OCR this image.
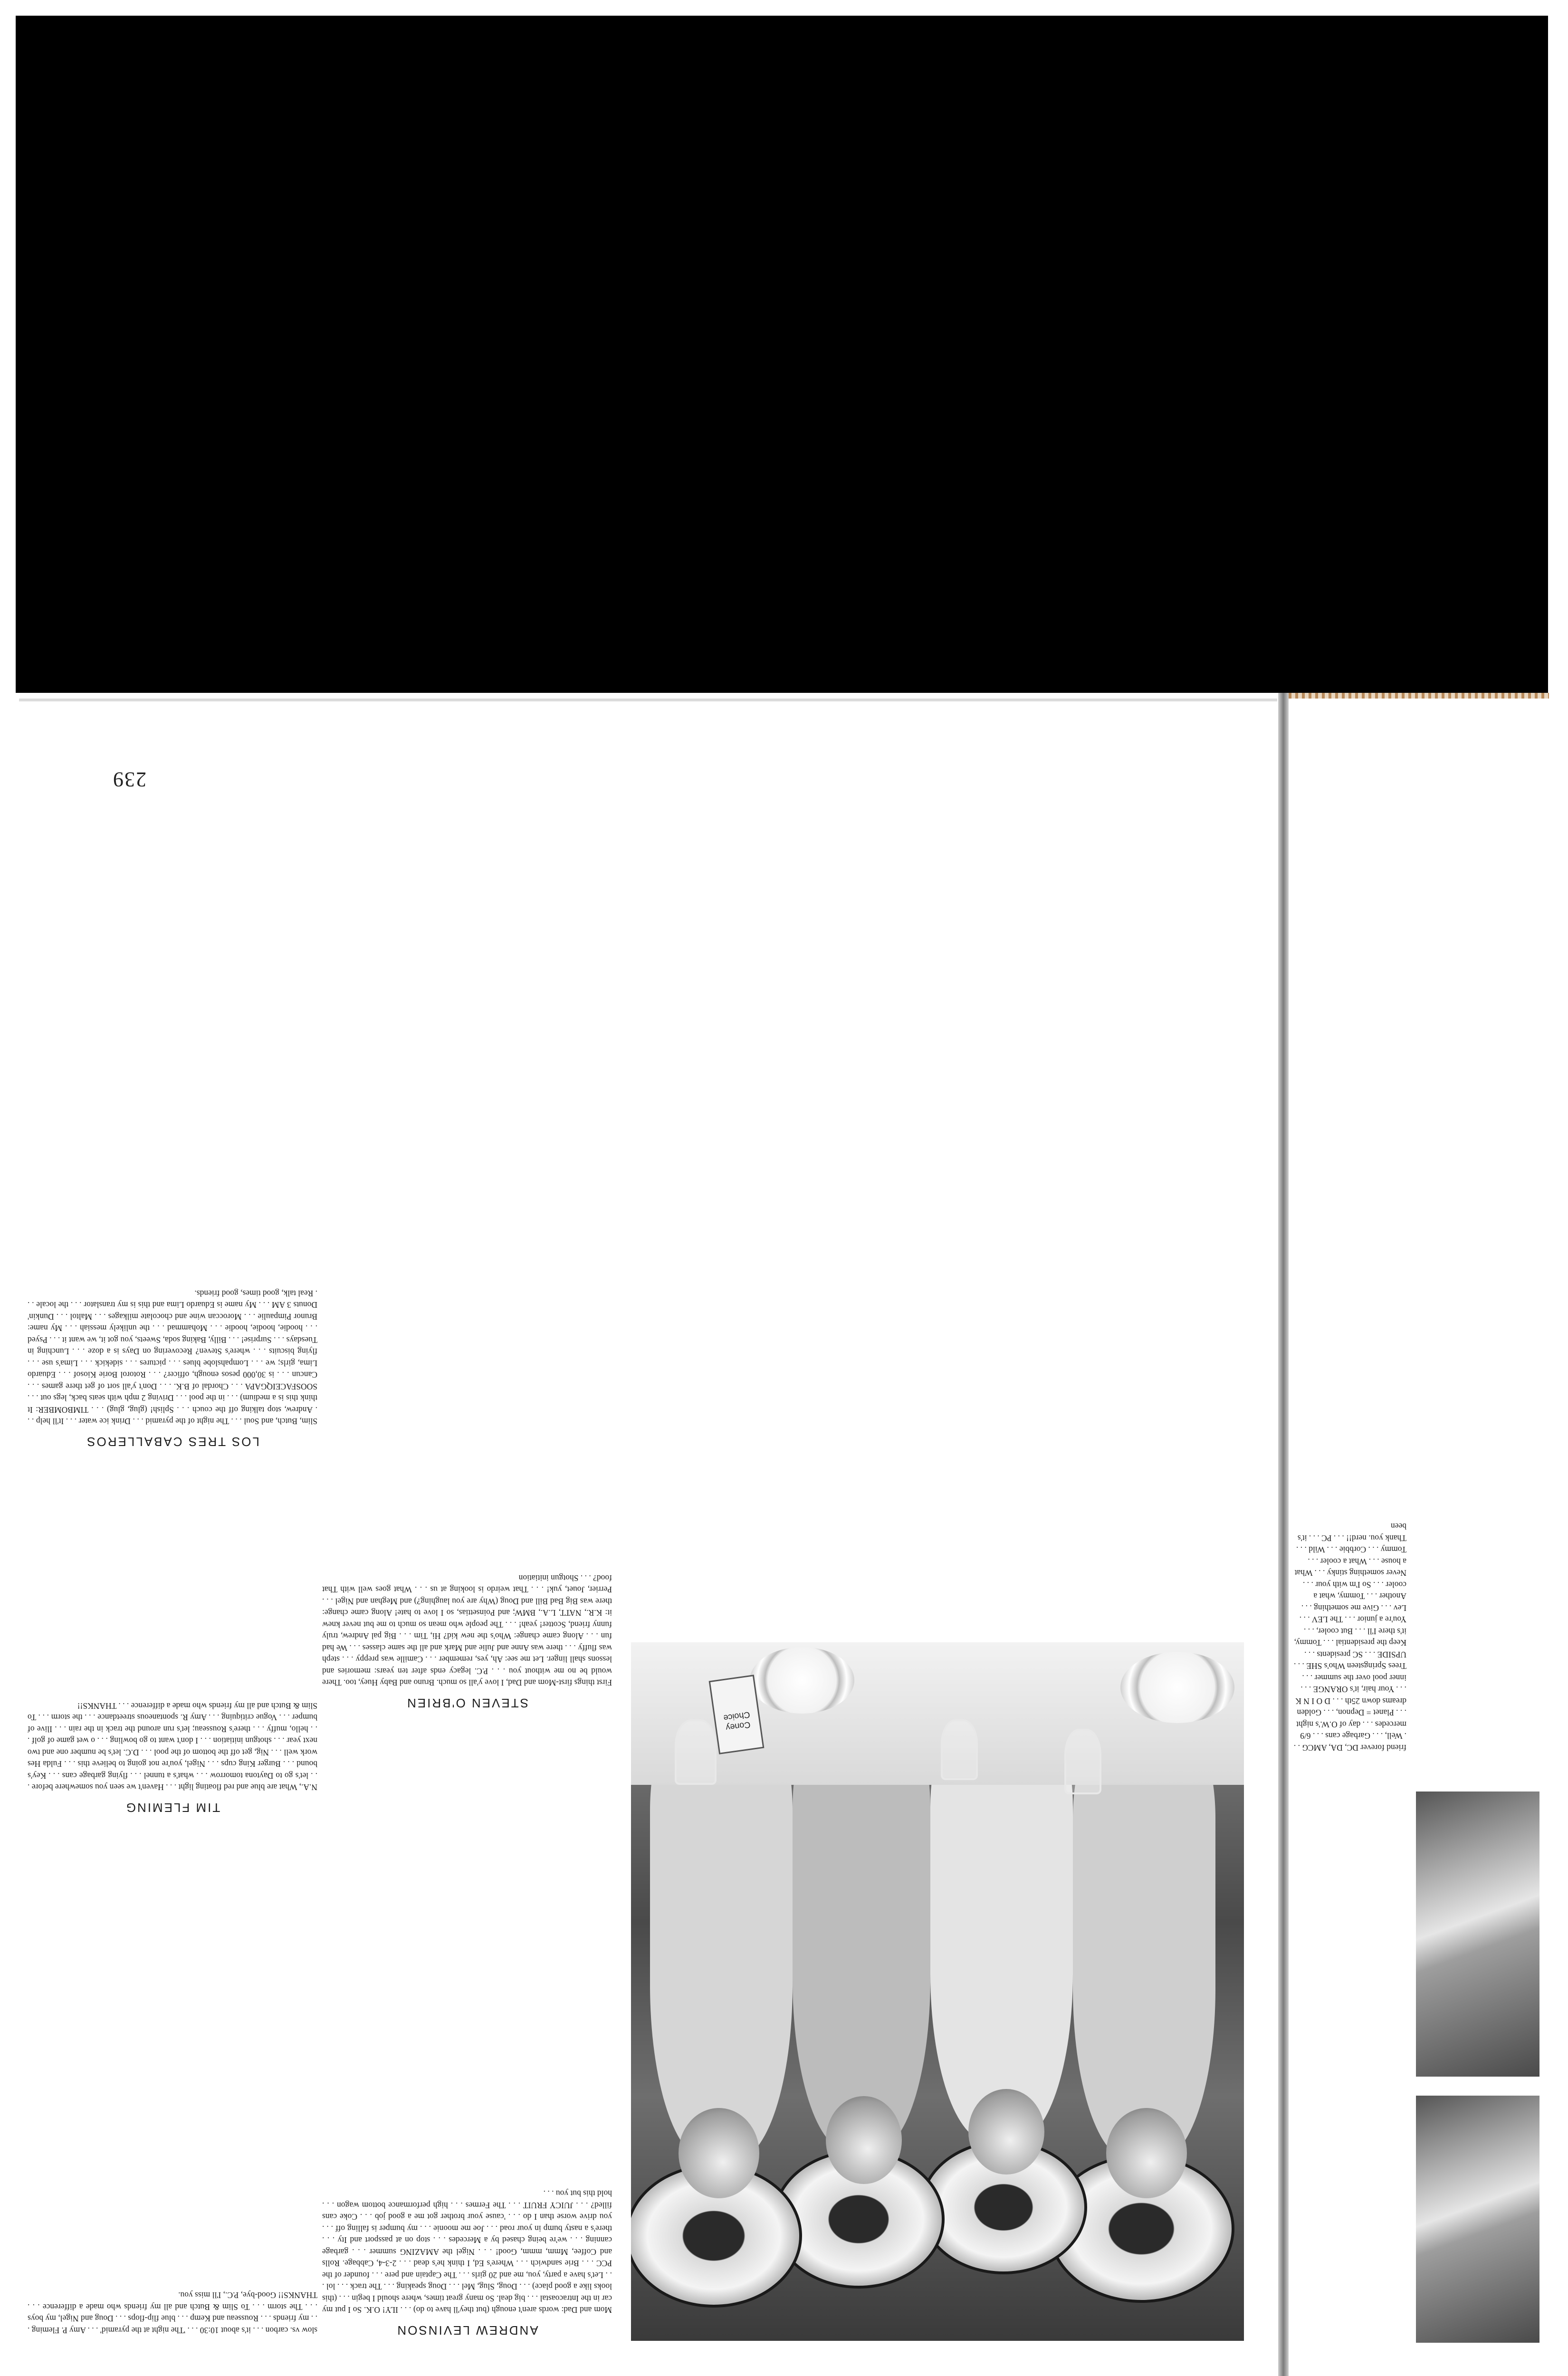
Coney Choice
ANDREW LEVINSON

Mom and Dad: words aren't enough (but they'll have to do) . . . ILY! O.K. So I put my car in the Intracoastal . . . big deal. So many great times, where should I begin . . . (this looks like a good place) . . . Doug, Slug, Mel . . . Doug speaking . . . The track . . . lol . . . Let's have a party, you, me and 20 girls . . . The Captain and pere . . . founder of the PCC . . . Brie sandwich . . . Where's Ed, I think he's dead . . . 2-3-4, Cabbage. Rolls and Coffee, Mmm, mmm, Good! . . . Nigel the AMAZING summer . . . garbage canning . . . we're being chased by a Mercedes . . . stop on at passport and Ity . . . there's a nasty bump in your road . . . Joe me moonie . . . my bumper is falling off . . . you drive worse than I do . . . 'cause your brother got me a good job . . . Coke cans filled? . . . JUICY FRUIT . . . The Fermes . . . high performance bottom wagon . . . hold this but you . . .

slow vs. carbon . . . it's about 10:30 . . . 'The night at the pyramid' . . . Amy P. Fleming . . . my friends . . . Rousseau and Kemp . . . blue flip-flops . . . Doug and Nigel, my boys . . . The storm . . . To Slim & Butch and all my friends who made a difference . . . THANKS!! Good-bye, P.C., I'll miss you.

TIM FLEMING

N.A., What are blue and red floating light . . . Haven't we seen you somewhere before . . . let's go to Daytona tomorrow . . . what's a tunnel . . . flying garbage cans . . . Key's bound . . . Burger King cups . . . Nigel, you're not going to believe this . . . Fulda Hes work well . . . Nig, get off the bottom of the pool . . . D.C. let's be number one and two next year . . . shotgun initiation . . . I don't want to go bowling . . . o wet game of golf . . . hello, muffy . . . there's Rousseau; let's run around the track in the rain . . . Ilive of bumper . . . Vogue critiquing . . . Amy R. spontaneous streetdance . . . the storm . . . To Slim & Butch and all my friends who made a difference . . . THANKS!!	STEVEN O'BRIEN

First things first-Mom and Dad, I love y'all so much. Bruno and Baby Huey, too. There would be no me without you . . . P.C. legacy ends after ten years: memories and lessons shall linger. Let me see: Ah, yes, remember . . . Camille was preppy . . . steph was fluffy . . . there was Anne and Julie and Mark and all the same classes . . . We had fun . . . Along came change: Who's the new kid? Hi, Tim . . . Big pal Andrew, truly funny friend, Scotter! yeah! . . . The people who mean so much to me but never knew it: K.R., NATT, L.A., BMW; and Poinsettias, so I love to hate! Along came change: there was Big Bad Bill and Doug (Why are you laughing?) and Meghan and Nigel . . . Perrier, Jouet, yuk! . . . That weirdo is looking at us . . . What goes well with That food? . . . Shotgun initiation

LOS TRES CABALLEROS

Slim, Butch, and Soul . . . The night of the pyramid . . . Drink ice water . . . It'll help . . . Andrew, stop talking off the couch . . . Splish! (glug, glug) . . . TIMBOMBER: It think this is a medium) . . . in the pool . . . Driving 2 mph with seats back, legs out . . . SOOSFACEIQGAPA . . . Chordal of B.K. . . . Don't y'all sort of get there games . . . Cancun . . . is 30,000 pesos enough, officer? . . . Rotorol Borie Kiosof . . . Eduardo Lima, girls; we . . . Lompahslobe blues . . . pictures . . . sidekick . . . Lima's use . . . flying biscuits . . . where's Steven? Recovering on Days is a doze . . . Lunching in Tuesdays . . . Surprise! . . . Billy, Baking soda, Sweets, you got it, we want it . . . Psyed . . . hoodie, hoodie, hoodie . . . Mohammad . . . the unlikely messiah . . . My name: Brunor Pimpaulie . . . Moroccan wine and chocolate milkages . . . Maltol . . . Dunkin' Donuts 3 AM . . . My name is Eduardo Lima and this is my translator . . . the locale . . . Real talk, good times, good friends.

239

friend forever DC, DA, AMCG . . . Well, . . . Garbage cans . . . 6/9 mercedes . . . day of O.W.'s night . . . Planet = Depnon, . . . Golden dreams down 25th . . . D O I N K . . . Your hair, it's ORANGE . . . inner pool over the summer . . . Trees Springsteen Who's SHE . . . UPSIDE . . . SC presidents . . . Keep the presidential . . . Tommy, it's there I'll . . . But cooler, . . . You're a junior . . . The LEV . . . Lev . . . Give me something . . . Another . . . Tommy, what a cooler . . . So I'm with your . . . Never something stinky . . . What a house . . . What a cooler . . . Tommy . . . Corbbie . . . Wild . . . Thank you. nerd!! . . . PC . . . it's been
